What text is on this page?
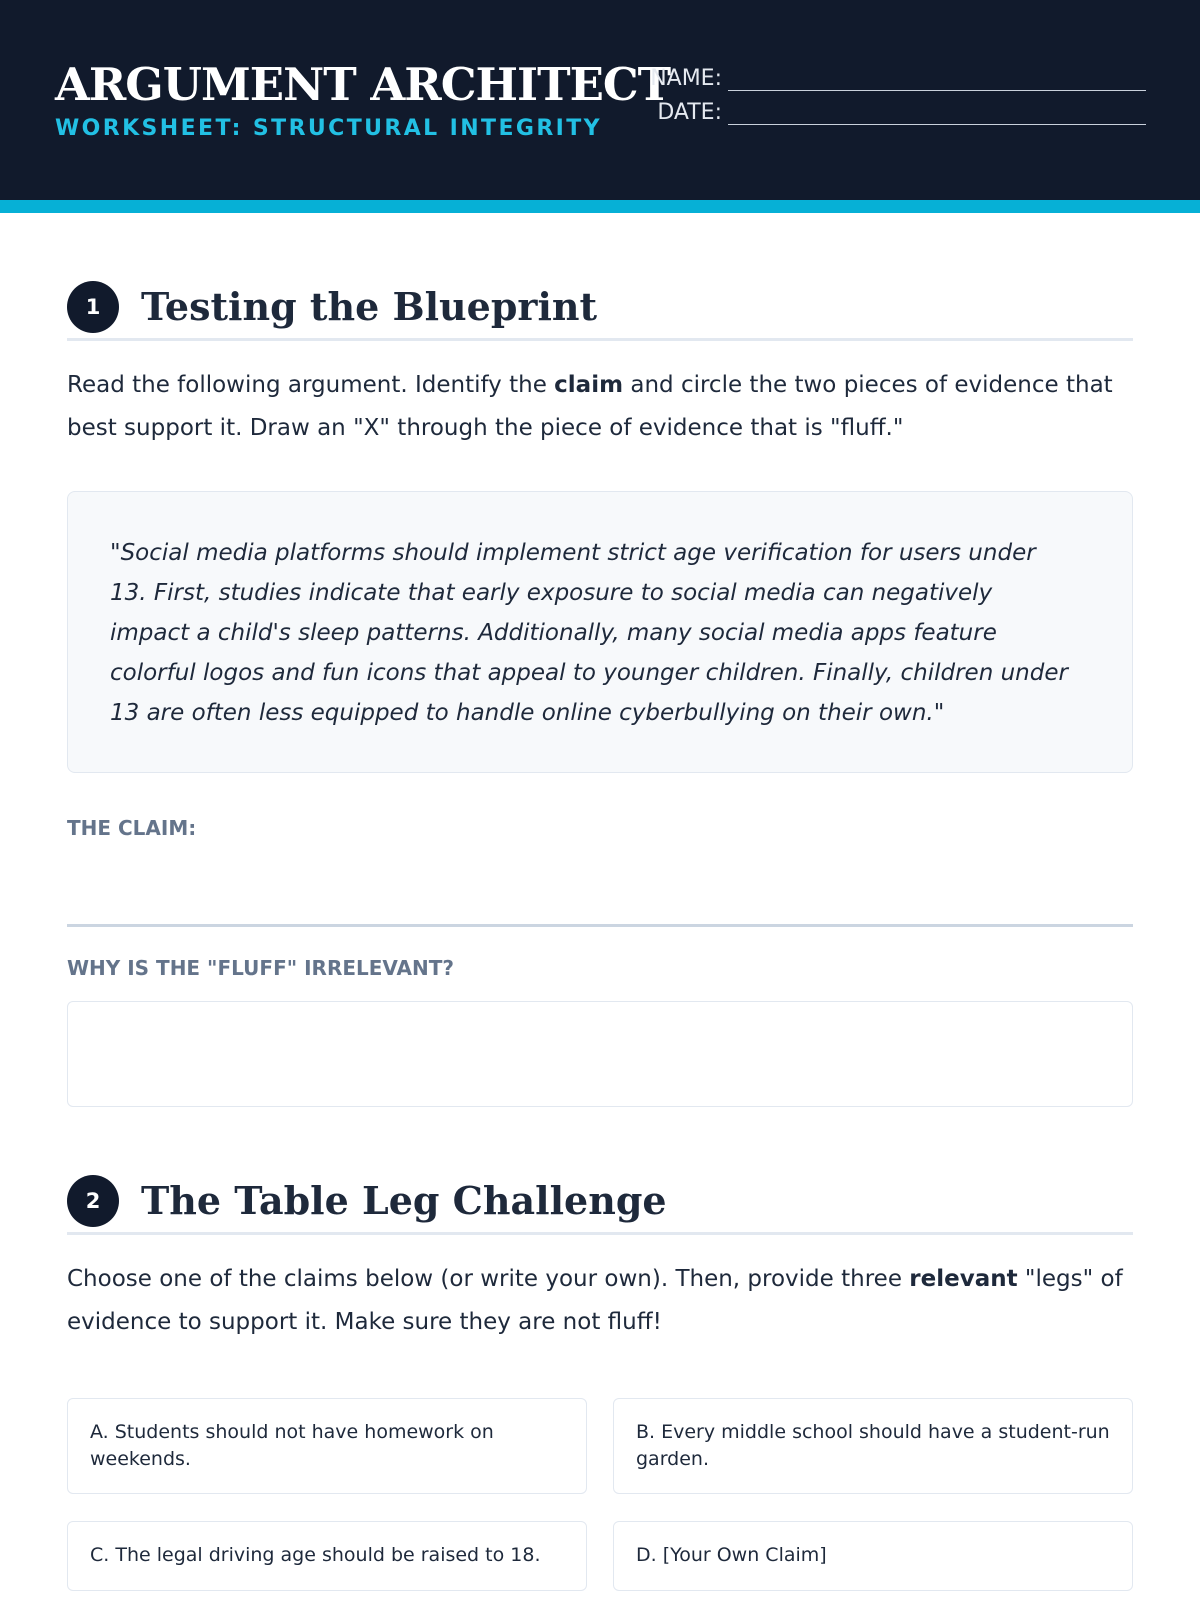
ARGUMENT ARCHITECT
WORKSHEET: STRUCTURAL INTEGRITY
NAME:
DATE:
1	Testing the Blueprint

Read the following argument. Identify the claim and circle the two pieces of evidence that best support it. Draw an "X" through the piece of evidence that is "fluff."

"Social media platforms should implement strict age verification for users under 13. First, studies indicate that early exposure to social media can negatively impact a child's sleep patterns. Additionally, many social media apps feature colorful logos and fun icons that appeal to younger children. Finally, children under 13 are often less equipped to handle online cyberbullying on their own."

THE CLAIM:
WHY IS THE "FLUFF" IRRELEVANT?
2	The Table Leg Challenge

Choose one of the claims below (or write your own). Then, provide three relevant "legs" of evidence to support it. Make sure they are not fluff!

A. Students should not have homework on weekends.
B. Every middle school should have a student-run garden.
C. The legal driving age should be raised to 18.	D. [Your Own Claim]
